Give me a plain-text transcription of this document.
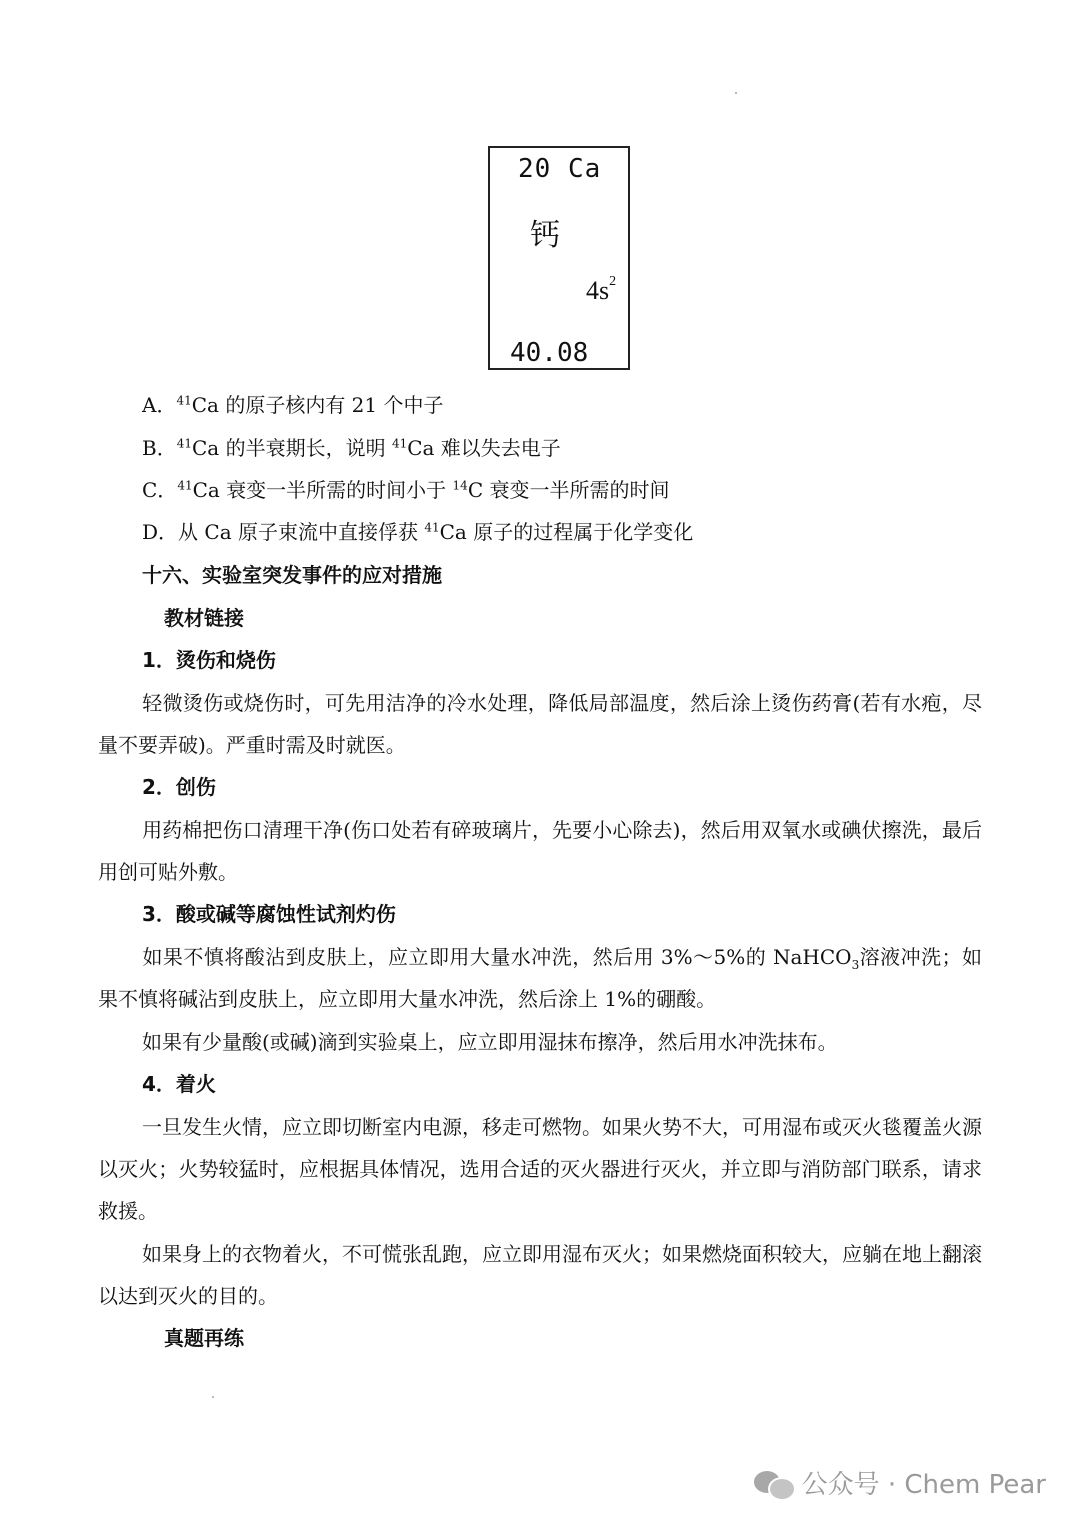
20 Ca
钙
$4s^2$
40.08
A．$^{41}$Ca 的原子核内有 21 个中子
B．$^{41}$Ca 的半衰期长，说明 $^{41}$Ca 难以失去电子
C．$^{41}$Ca 衰变一半所需的时间小于 $^{14}$C 衰变一半所需的时间
D．从 Ca 原子束流中直接俘获 $^{41}$Ca 原子的过程属于化学变化
十六、实验室突发事件的应对措施
教材链接
1．烫伤和烧伤
轻微烫伤或烧伤时，可先用洁净的冷水处理，降低局部温度，然后涂上烫伤药膏(若有水疱，尽量不要弄破)。严重时需及时就医。
2．创伤
用药棉把伤口清理干净(伤口处若有碎玻璃片，先要小心除去)，然后用双氧水或碘伏擦洗，最后用创可贴外敷。
3．酸或碱等腐蚀性试剂灼伤
如果不慎将酸沾到皮肤上，应立即用大量水冲洗，然后用 3%～5%的 NaHCO$_3$溶液冲洗；如果不慎将碱沾到皮肤上，应立即用大量水冲洗，然后涂上 1%的硼酸。
如果有少量酸(或碱)滴到实验桌上，应立即用湿抹布擦净，然后用水冲洗抹布。
4．着火
一旦发生火情，应立即切断室内电源，移走可燃物。如果火势不大，可用湿布或灭火毯覆盖火源以灭火；火势较猛时，应根据具体情况，选用合适的灭火器进行灭火，并立即与消防部门联系，请求救援。
如果身上的衣物着火，不可慌张乱跑，应立即用湿布灭火；如果燃烧面积较大，应躺在地上翻滚以达到灭火的目的。
真题再练
公众号 · Chem Pear
